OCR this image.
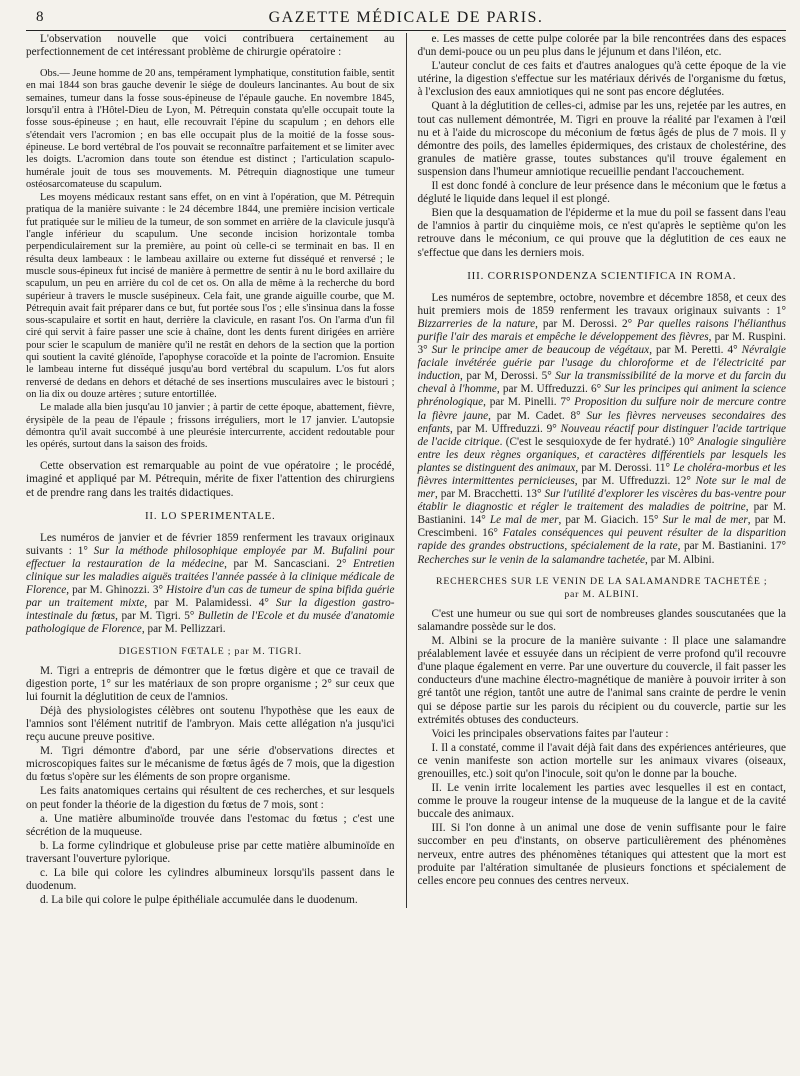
8	GAZETTE MÉDICALE DE PARIS.

L'observation nouvelle que voici contribuera certainement au perfectionnement de cet intéressant problème de chirurgie opératoire :

Obs.— Jeune homme de 20 ans, tempérament lymphatique, constitution faible, sentit en mai 1844 son bras gauche devenir le siége de douleurs lancinantes. Au bout de six semaines, tumeur dans la fosse sous-épineuse de l'épaule gauche. En novembre 1845, lorsqu'il entra à l'Hôtel-Dieu de Lyon, M. Pétrequin constata qu'elle occupait toute la fosse sous-épineuse ; en haut, elle recouvrait l'épine du scapulum ; en dehors elle s'étendait vers l'acromion ; en bas elle occupait plus de la moitié de la fosse sous-épineuse. Le bord vertébral de l'os pouvait se reconnaître parfaitement et se limiter avec les doigts. L'acromion dans toute son étendue est distinct ; l'articulation scapulo-humérale jouit de tous ses mouvements. M. Pétrequin diagnostique une tumeur ostéosarcomateuse du scapulum.

Les moyens médicaux restant sans effet, on en vint à l'opération, que M. Pétrequin pratiqua de la manière suivante : le 24 décembre 1844, une première incision verticale fut pratiquée sur le milieu de la tumeur, de son sommet en arrière de la clavicule jusqu'à l'angle inférieur du scapulum. Une seconde incision horizontale tomba perpendiculairement sur la première, au point où celle-ci se terminait en bas. Il en résulta deux lambeaux : le lambeau axillaire ou externe fut disséqué et renversé ; le muscle sous-épineux fut incisé de manière à permettre de sentir à nu le bord axillaire du scapulum, un peu en arrière du col de cet os. On alla de même à la recherche du bord supérieur à travers le muscle susépineux. Cela fait, une grande aiguille courbe, que M. Pétrequin avait fait préparer dans ce but, fut portée sous l'os ; elle s'insinua dans la fosse sous-scapulaire et sortit en haut, derrière la clavicule, en rasant l'os. On l'arma d'un fil ciré qui servit à faire passer une scie à chaîne, dont les dents furent dirigées en arrière pour scier le scapulum de manière qu'il ne restât en dehors de la section que la portion qui soutient la cavité glénoïde, l'apophyse coracoïde et la pointe de l'acromion. Ensuite le lambeau interne fut disséqué jusqu'au bord vertébral du scapulum. L'os fut alors renversé de dedans en dehors et détaché de ses insertions musculaires avec le bistouri ; on lia dix ou douze artères ; suture entortillée.

Le malade alla bien jusqu'au 10 janvier ; à partir de cette époque, abattement, fièvre, érysipèle de la peau de l'épaule ; frissons irréguliers, mort le 17 janvier. L'autopsie démontra qu'il avait succombé à une pleurésie intercurrente, accident redoutable pour les opérés, surtout dans la saison des froids.

Cette observation est remarquable au point de vue opératoire ; le procédé, imaginé et appliqué par M. Pétrequin, mérite de fixer l'attention des chirurgiens et de prendre rang dans les traités didactiques.

II. LO SPERIMENTALE.

Les numéros de janvier et de février 1859 renferment les travaux originaux suivants : 1° Sur la méthode philosophique employée par M. Bufalini pour effectuer la restauration de la médecine, par M. Sancasciani. 2° Entretien clinique sur les maladies aiguës traitées l'année passée à la clinique médicale de Florence, par M. Ghinozzi. 3° Histoire d'un cas de tumeur de spina bifida guérie par un traitement mixte, par M. Palamidessi. 4° Sur la digestion gastro-intestinale du fœtus, par M. Tigri. 5° Bulletin de l'Ecole et du musée d'anatomie pathologique de Florence, par M. Pellizzari.

DIGESTION FŒTALE ; par M. TIGRI.

M. Tigri a entrepris de démontrer que le fœtus digère et que ce travail de digestion porte, 1° sur les matériaux de son propre organisme ; 2° sur ceux que lui fournit la déglutition de ceux de l'amnios.

Déjà des physiologistes célèbres ont soutenu l'hypothèse que les eaux de l'amnios sont l'élément nutritif de l'ambryon. Mais cette allégation n'a jusqu'ici reçu aucune preuve positive.

M. Tigri démontre d'abord, par une série d'observations directes et microscopiques faites sur le mécanisme de fœtus âgés de 7 mois, que la digestion du fœtus s'opère sur les éléments de son propre organisme.

Les faits anatomiques certains qui résultent de ces recherches, et sur lesquels on peut fonder la théorie de la digestion du fœtus de 7 mois, sont :

a. Une matière albuminoïde trouvée dans l'estomac du fœtus ; c'est une sécrétion de la muqueuse.

b. La forme cylindrique et globuleuse prise par cette matière albuminoïde en traversant l'ouverture pylorique.

c. La bile qui colore les cylindres albumineux lorsqu'ils passent dans le duodenum.

d. La bile qui colore le pulpe épithéliale accumulée dans le duodenum.

e. Les masses de cette pulpe colorée par la bile rencontrées dans des espaces d'un demi-pouce ou un peu plus dans le jéjunum et dans l'iléon, etc.

L'auteur conclut de ces faits et d'autres analogues qu'à cette époque de la vie utérine, la digestion s'effectue sur les matériaux dérivés de l'organisme du fœtus, à l'exclusion des eaux amniotiques qui ne sont pas encore déglutées.

Quant à la déglutition de celles-ci, admise par les uns, rejetée par les autres, en tout cas nullement démontrée, M. Tigri en prouve la réalité par l'examen à l'œil nu et à l'aide du microscope du méconium de fœtus âgés de plus de 7 mois. Il y démontre des poils, des lamelles épidermiques, des cristaux de cholestérine, des granules de matière grasse, toutes substances qu'il trouve également en suspension dans l'humeur amniotique recueillie pendant l'accouchement.

Il est donc fondé à conclure de leur présence dans le méconium que le fœtus a dégluté le liquide dans lequel il est plongé.

Bien que la desquamation de l'épiderme et la mue du poil se fassent dans l'eau de l'amnios à partir du cinquième mois, ce n'est qu'après le septième qu'on les retrouve dans le méconium, ce qui prouve que la déglutition de ces eaux ne s'effectue que dans les derniers mois.

III. CORRISPONDENZA SCIENTIFICA IN ROMA.

Les numéros de septembre, octobre, novembre et décembre 1858, et ceux des huit premiers mois de 1859 renferment les travaux originaux suivants : 1° Bizzarreries de la nature, par M. Derossi. 2° Par quelles raisons l'hélianthus purifie l'air des marais et empêche le développement des fièvres, par M. Ruspini. 3° Sur le principe amer de beaucoup de végétaux, par M. Peretti. 4° Névralgie faciale invétérée guérie par l'usage du chloroforme et de l'électricité par induction, par M, Derossi. 5° Sur la transmissibilité de la morve et du farcin du cheval à l'homme, par M. Uffreduzzi. 6° Sur les principes qui animent la science phrénologique, par M. Pinelli. 7° Proposition du sulfure noir de mercure contre la fièvre jaune, par M. Cadet. 8° Sur les fièvres nerveuses secondaires des enfants, par M. Uffreduzzi. 9° Nouveau réactif pour distinguer l'acide tartrique de l'acide citrique. (C'est le sesquioxyde de fer hydraté.) 10° Analogie singulière entre les deux règnes organiques, et caractères différentiels par lesquels les plantes se distinguent des animaux, par M. Derossi. 11° Le choléra-morbus et les fièvres intermittentes pernicieuses, par M. Uffreduzzi. 12° Note sur le mal de mer, par M. Bracchetti. 13° Sur l'utilité d'explorer les viscères du bas-ventre pour établir le diagnostic et régler le traitement des maladies de poitrine, par M. Bastianini. 14° Le mal de mer, par M. Giacich. 15° Sur le mal de mer, par M. Crescimbeni. 16° Fatales conséquences qui peuvent résulter de la disparition rapide des grandes obstructions, spécialement de la rate, par M. Bastianini. 17° Recherches sur le venin de la salamandre tachetée, par M. Albini.

RECHERCHES SUR LE VENIN DE LA SALAMANDRE TACHETÉE ;

par M. ALBINI.

C'est une humeur ou sue qui sort de nombreuses glandes souscutanées que la salamandre possède sur le dos.

M. Albini se la procure de la manière suivante : Il place une salamandre préalablement lavée et essuyée dans un récipient de verre profond qu'il recouvre d'une plaque également en verre. Par une ouverture du couvercle, il fait passer les conducteurs d'une machine électro-magnétique de manière à pouvoir irriter à son gré tantôt une région, tantôt une autre de l'animal sans crainte de perdre le venin qui se dépose partie sur les parois du récipient ou du couvercle, partie sur les extrémités obtuses des conducteurs.

Voici les principales observations faites par l'auteur :

I. Il a constaté, comme il l'avait déjà fait dans des expériences antérieures, que ce venin manifeste son action mortelle sur les animaux vivares (oiseaux, grenouilles, etc.) soit qu'on l'inocule, soit qu'on le donne par la bouche.

II. Le venin irrite localement les parties avec lesquelles il est en contact, comme le prouve la rougeur intense de la muqueuse de la langue et de la cavité buccale des animaux.

III. Si l'on donne à un animal une dose de venin suffisante pour le faire succomber en peu d'instants, on observe particulièrement des phénomènes nerveux, entre autres des phénomènes tétaniques qui attestent que la mort est produite par l'altération simultanée de plusieurs fonctions et spécialement de celles encore peu connues des centres nerveux.
